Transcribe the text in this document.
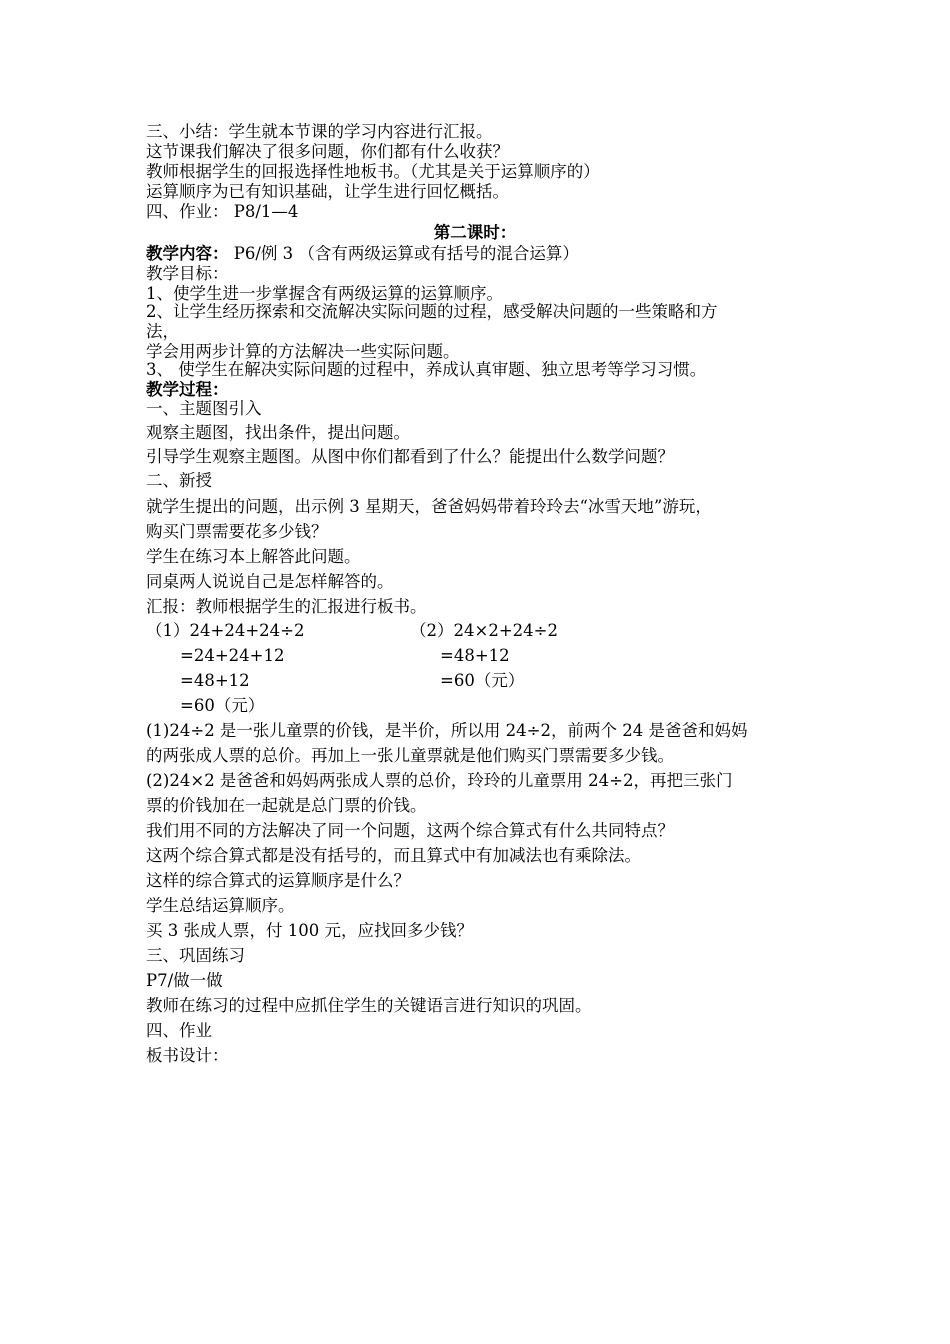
三、小结：学生就本节课的学习内容进行汇报。
这节课我们解决了很多问题，你们都有什么收获？
教师根据学生的回报选择性地板书。（尤其是关于运算顺序的）
运算顺序为已有知识基础，让学生进行回忆概括。
四、作业： P8/1—4
第二课时：
教学内容： P6/例 3 （含有两级运算或有括号的混合运算）
教学目标：
1、使学生进一步掌握含有两级运算的运算顺序。
2、让学生经历探索和交流解决实际问题的过程，感受解决问题的一些策略和方
法，
学会用两步计算的方法解决一些实际问题。
3、 使学生在解决实际问题的过程中，养成认真审题、独立思考等学习习惯。
教学过程：
一、主题图引入
观察主题图，找出条件，提出问题。
引导学生观察主题图。从图中你们都看到了什么？能提出什么数学问题？
二、新授
就学生提出的问题，出示例 3 星期天，爸爸妈妈带着玲玲去“冰雪天地”游玩，
购买门票需要花多少钱？
学生在练习本上解答此问题。
同桌两人说说自己是怎样解答的。
汇报：教师根据学生的汇报进行板书。
（1）24+24+24÷2
=24+24+12
=48+12
=60（元）
（2）24×2+24÷2
=48+12
=60（元）
(1)24÷2 是一张儿童票的价钱，是半价，所以用 24÷2，前两个 24 是爸爸和妈妈
的两张成人票的总价。再加上一张儿童票就是他们购买门票需要多少钱。
(2)24×2 是爸爸和妈妈两张成人票的总价，玲玲的儿童票用 24÷2，再把三张门
票的价钱加在一起就是总门票的价钱。
我们用不同的方法解决了同一个问题，这两个综合算式有什么共同特点？
这两个综合算式都是没有括号的，而且算式中有加减法也有乘除法。
这样的综合算式的运算顺序是什么？
学生总结运算顺序。
买 3 张成人票，付 100 元，应找回多少钱？
三、巩固练习
P7/做一做
教师在练习的过程中应抓住学生的关键语言进行知识的巩固。
四、作业
板书设计：
